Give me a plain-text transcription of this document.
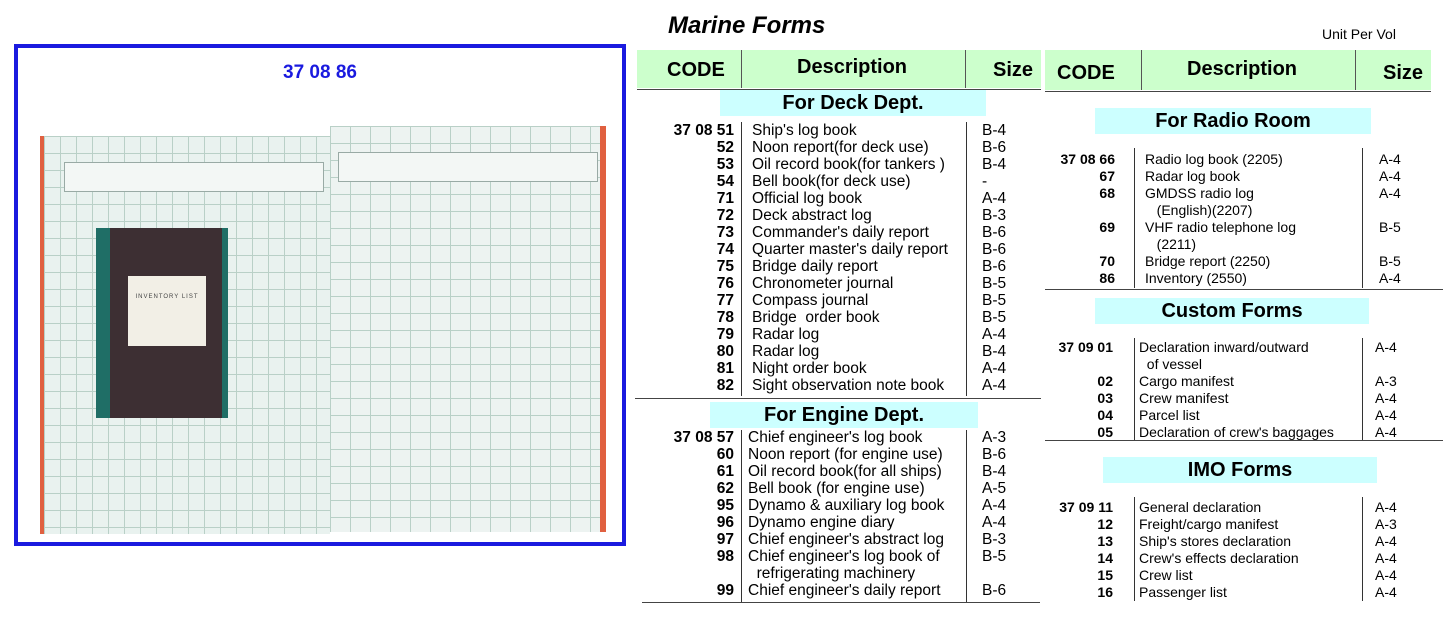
37 08 86
INVENTORY LIST
Marine Forms	Unit Per Vol
CODE	Description	Size CODE	Description	Size
For Deck Dept.
37 08 51 Ship's log book	B-4
52 Noon report(for deck use)	B-6
53 Oil record book(for tankers ) B-4
54 Bell book(for deck use)	-
71 Official log book	A-4
72 Deck abstract log	B-3
73 Commander's daily report	B-6
74 Quarter master's daily report B-6
75 Bridge daily report	B-6
76 Chronometer journal	B-5
77 Compass journal	B-5
78 Bridge  order book	B-5
79 Radar log	A-4
80 Radar log	B-4
81 Night order book	A-4
82 Sight observation note book A-4
For Engine Dept.
37 08 57 Chief engineer's log book	A-3
60 Noon report (for engine use)	B-6
61 Oil record book(for all ships)	B-4
62 Bell book (for engine use)	A-5
95 Dynamo & auxiliary log book A-4
96 Dynamo engine diary	A-4
97 Chief engineer's abstract log B-3
98 Chief engineer's log book of	B-5
refrigerating machinery
99 Chief engineer's daily report	B-6
For Radio Room
37 08 66 Radio log book (2205)	A-4
67 Radar log book	A-4
68 GMDSS radio log	A-4
(English)(2207)
69 VHF radio telephone log	B-5
(2211)
70 Bridge report (2250)	B-5
86 Inventory (2550)	A-4
Custom Forms
37 09 01 Declaration inward/outward	A-4
of vessel
02 Cargo manifest	A-3
03 Crew manifest	A-4
04 Parcel list	A-4
05 Declaration of crew's baggages	A-4
IMO Forms
37 09 11 General declaration	A-4
12 Freight/cargo manifest	A-3
13 Ship's stores declaration	A-4
14 Crew's effects declaration	A-4
15 Crew list	A-4
16 Passenger list	A-4
